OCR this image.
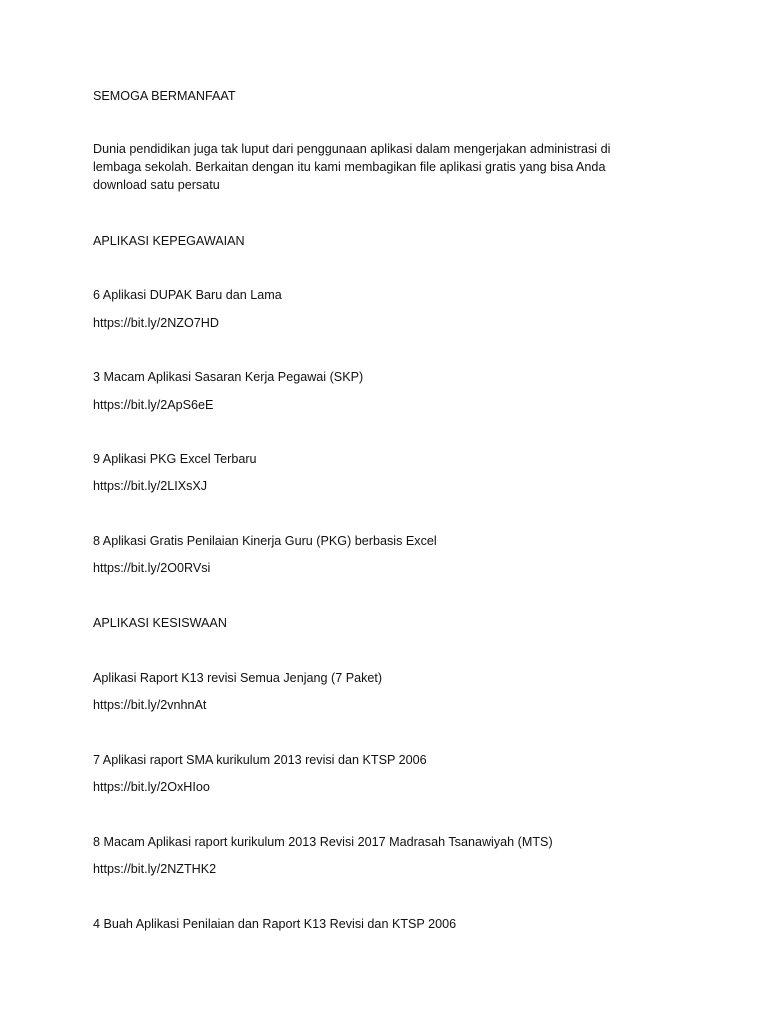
SEMOGA BERMANFAAT

Dunia pendidikan juga tak luput dari penggunaan aplikasi dalam mengerjakan administrasi di lembaga sekolah. Berkaitan dengan itu kami membagikan file aplikasi gratis yang bisa Anda download satu persatu

APLIKASI KEPEGAWAIAN

6 Aplikasi DUPAK Baru dan Lama

https://bit.ly/2NZO7HD

3 Macam Aplikasi Sasaran Kerja Pegawai (SKP)

https://bit.ly/2ApS6eE

9 Aplikasi PKG Excel Terbaru

https://bit.ly/2LIXsXJ

8 Aplikasi Gratis Penilaian Kinerja Guru (PKG) berbasis Excel

https://bit.ly/2O0RVsi

APLIKASI KESISWAAN

Aplikasi Raport K13 revisi Semua Jenjang (7 Paket)

https://bit.ly/2vnhnAt

7 Aplikasi raport SMA kurikulum 2013 revisi dan KTSP 2006

https://bit.ly/2OxHIoo

8 Macam Aplikasi raport kurikulum 2013 Revisi 2017 Madrasah Tsanawiyah (MTS)

https://bit.ly/2NZTHK2

4 Buah Aplikasi Penilaian dan Raport K13 Revisi dan KTSP 2006
